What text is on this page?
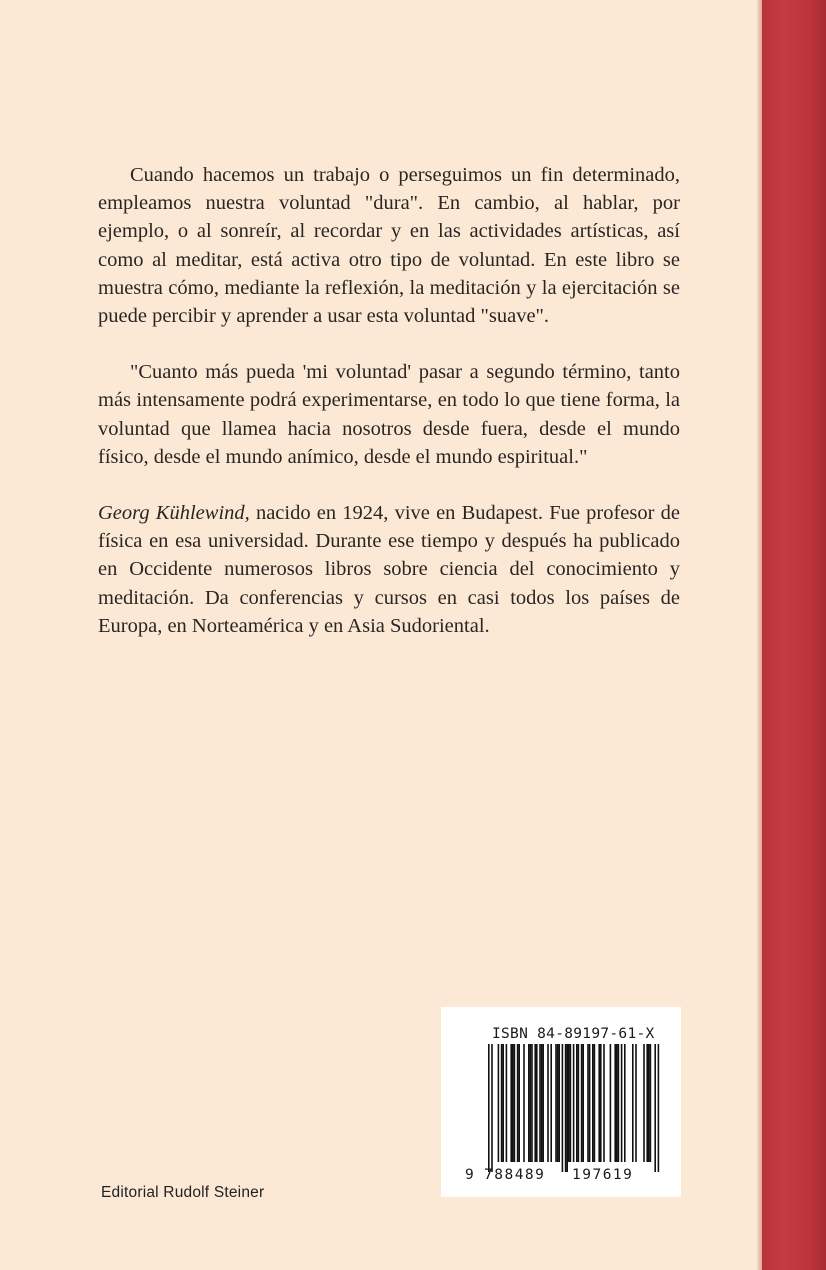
Cuando hacemos un trabajo o perseguimos un fin determinado, empleamos nuestra voluntad "dura". En cambio, al hablar, por ejemplo, o al sonreír, al recordar y en las actividades artísticas, así como al meditar, está activa otro tipo de voluntad. En este libro se muestra cómo, mediante la reflexión, la meditación y la ejercitación se puede percibir y aprender a usar esta voluntad "suave".

"Cuanto más pueda 'mi voluntad' pasar a segundo término, tanto más intensamente podrá experimentarse, en todo lo que tiene forma, la voluntad que llamea hacia nosotros desde fuera, desde el mundo físico, desde el mundo anímico, desde el mundo espiritual."

Georg Kühlewind, nacido en 1924, vive en Budapest. Fue profesor de física en esa universidad. Durante ese tiempo y después ha publicado en Occidente numerosos libros sobre ciencia del conocimiento y meditación. Da conferencias y cursos en casi todos los países de Europa, en Norteamérica y en Asia Sudoriental.

ISBN 84-89197-61-X
9 788489 197619
Editorial Rudolf Steiner
